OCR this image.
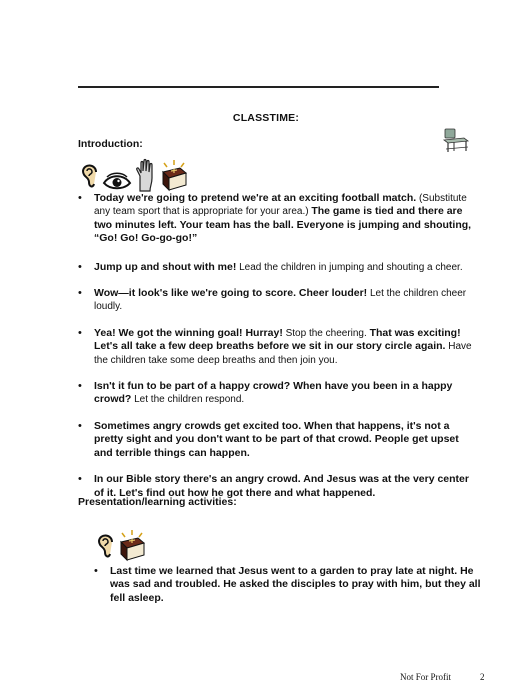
CLASSTIME:
Introduction:
• Today we're going to pretend we're at an exciting football match. (Substitute any team sport that is appropriate for your area.) The game is tied and there are two minutes left. Your team has the ball. Everyone is jumping and shouting, “Go! Go! Go-go-go!”
• Jump up and shout with me! Lead the children in jumping and shouting a cheer.
• Wow—it look's like we're going to score. Cheer louder! Let the children cheer loudly.
• Yea! We got the winning goal! Hurray! Stop the cheering. That was exciting! Let's all take a few deep breaths before we sit in our story circle again. Have the children take some deep breaths and then join you.
• Isn't it fun to be part of a happy crowd? When have you been in a happy crowd? Let the children respond.
• Sometimes angry crowds get excited too. When that happens, it's not a pretty sight and you don't want to be part of that crowd. People get upset and terrible things can happen.
• In our Bible story there's an angry crowd. And Jesus was at the very center of it. Let's find out how he got there and what happened.
Presentation/learning activities:
• Last time we learned that Jesus went to a garden to pray late at night. He was sad and troubled. He asked the disciples to pray with him, but they all fell asleep.
Not For Profit	2
